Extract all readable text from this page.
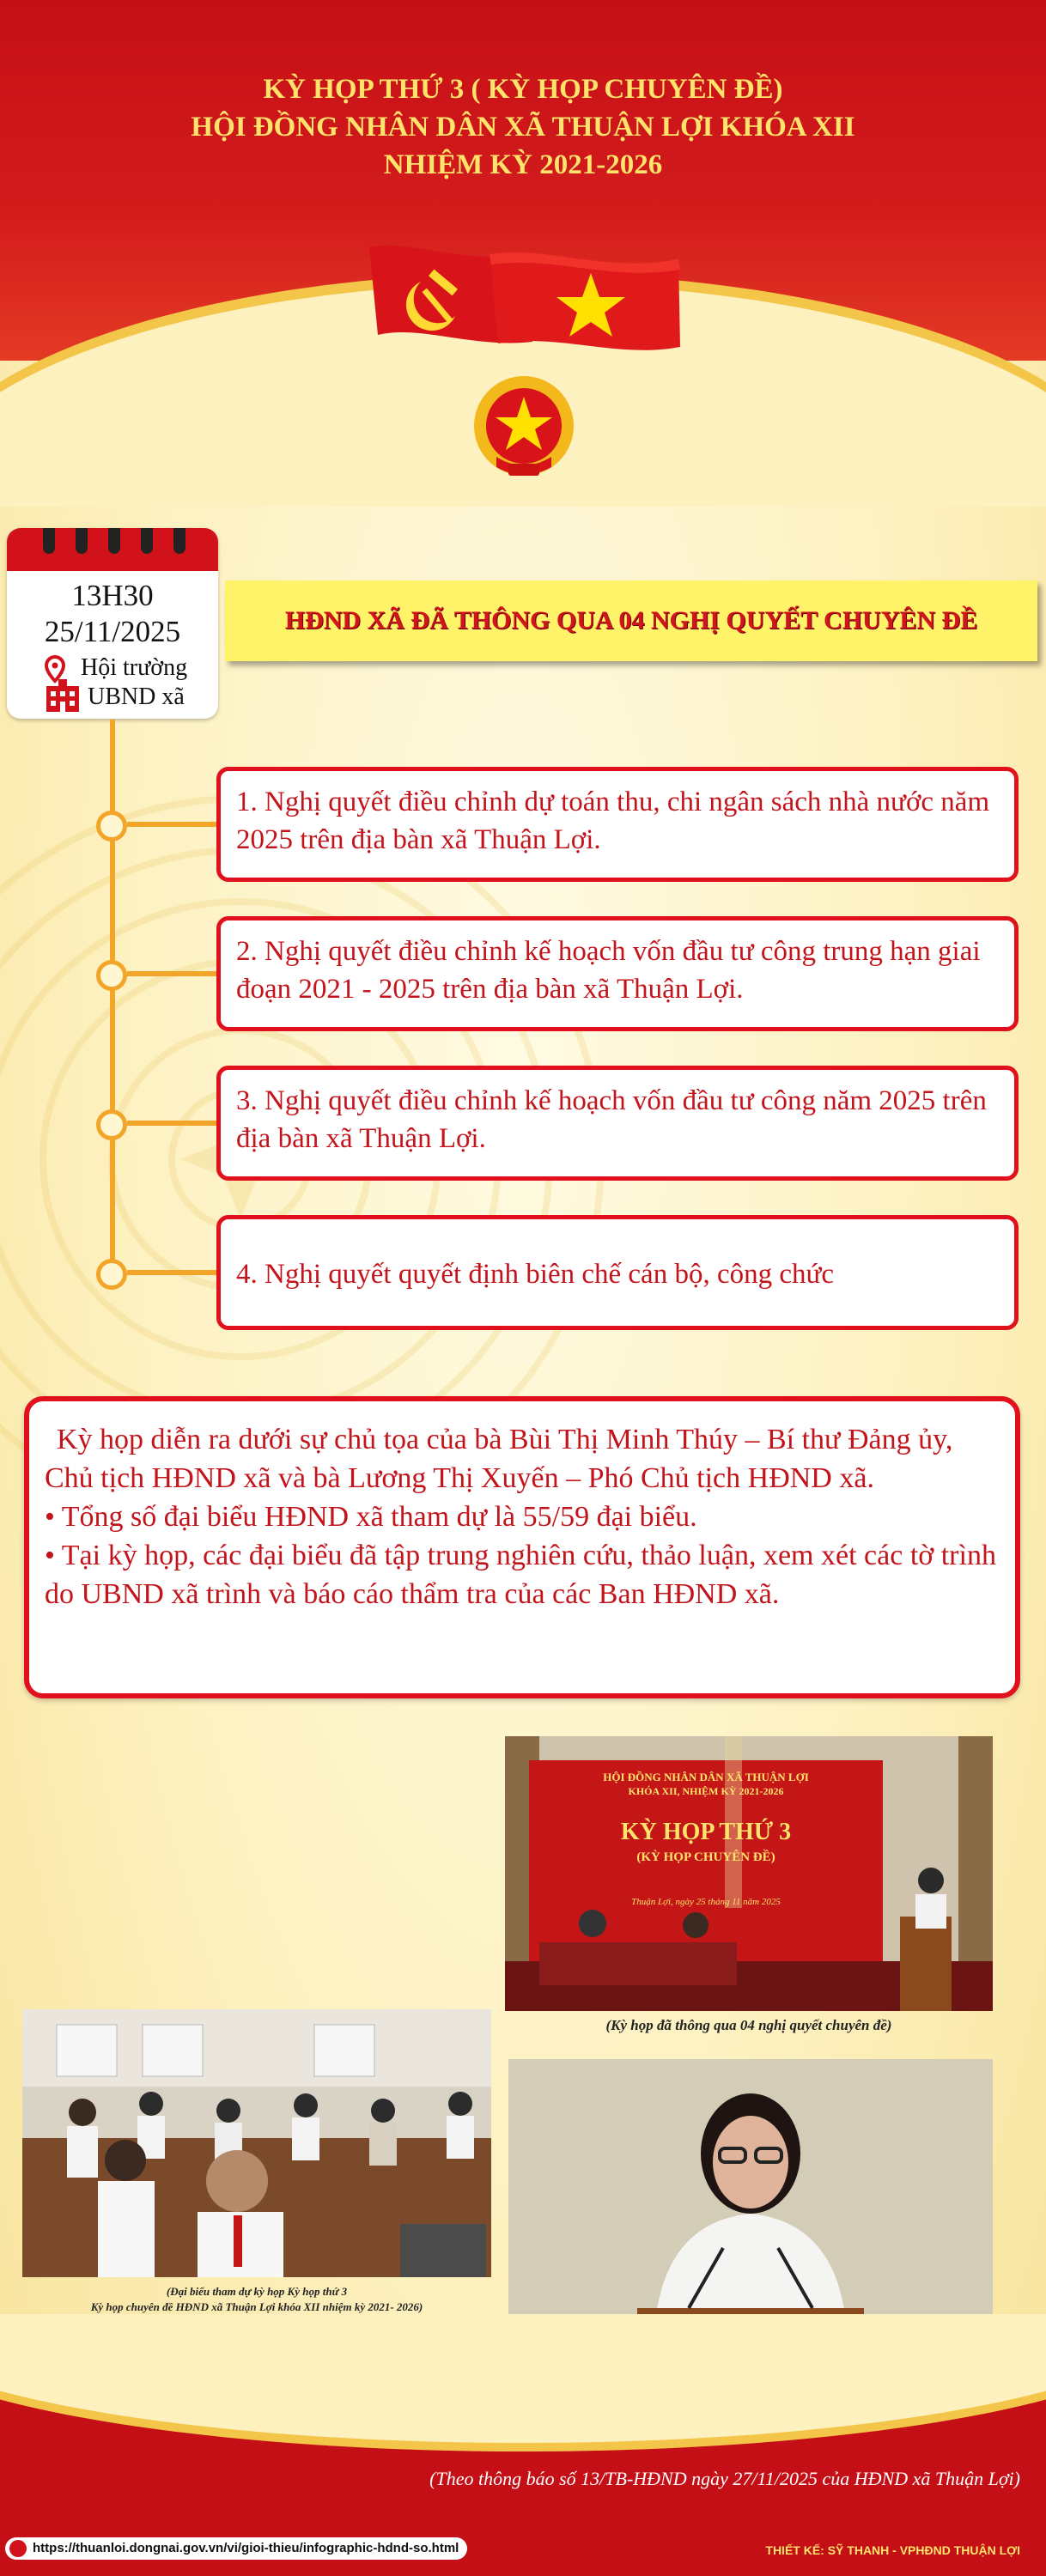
KỲ HỌP THỨ 3 ( KỲ HỌP CHUYÊN ĐỀ)
HỘI ĐỒNG NHÂN DÂN XÃ THUẬN LỢI KHÓA XII
NHIỆM KỲ 2021-2026
13H30
25/11/2025
Hội trường
UBND xã
HĐND XÃ ĐÃ THÔNG QUA 04 NGHỊ QUYẾT CHUYÊN ĐỀ
1. Nghị quyết điều chỉnh dự toán thu, chi ngân sách nhà nước năm 2025 trên địa bàn xã Thuận Lợi.
2. Nghị quyết điều chỉnh kế hoạch vốn đầu tư công trung hạn giai đoạn 2021 - 2025 trên địa bàn xã Thuận Lợi.
3. Nghị quyết điều chỉnh kế hoạch vốn đầu tư công năm 2025 trên địa bàn xã Thuận Lợi.
4. Nghị quyết quyết định biên chế cán bộ, công chức

Kỳ họp diễn ra dưới sự chủ tọa của bà Bùi Thị Minh Thúy – Bí thư Đảng ủy, Chủ tịch HĐND xã và bà Lương Thị Xuyến – Phó Chủ tịch HĐND xã.

• Tổng số đại biểu HĐND xã tham dự là 55/59 đại biểu.

• Tại kỳ họp, các đại biểu đã tập trung nghiên cứu, thảo luận, xem xét các tờ trình do UBND xã trình và báo cáo thẩm tra của các Ban HĐND xã.

HỘI ĐỒNG NHÂN DÂN XÃ THUẬN LỢI
KHÓA XII, NHIỆM KỲ 2021-2026
KỲ HỌP THỨ 3
(KỲ HỌP CHUYÊN ĐỀ)
Thuận Lợi, ngày 25 tháng 11 năm 2025
(Kỳ họp đã thông qua 04 nghị quyết chuyên đề)
(Đại biểu tham dự kỳ họp Kỳ họp thứ 3
Kỳ họp chuyên đề HĐND xã Thuận Lợi khóa XII nhiệm kỳ 2021- 2026)
(Theo thông báo số 13/TB-HĐND ngày 27/11/2025 của HĐND xã Thuận Lợi)
https://thuanloi.dongnai.gov.vn/vi/gioi-thieu/infographic-hdnd-so.html	THIẾT KẾ: SỸ THANH - VPHĐND THUẬN LỢI
